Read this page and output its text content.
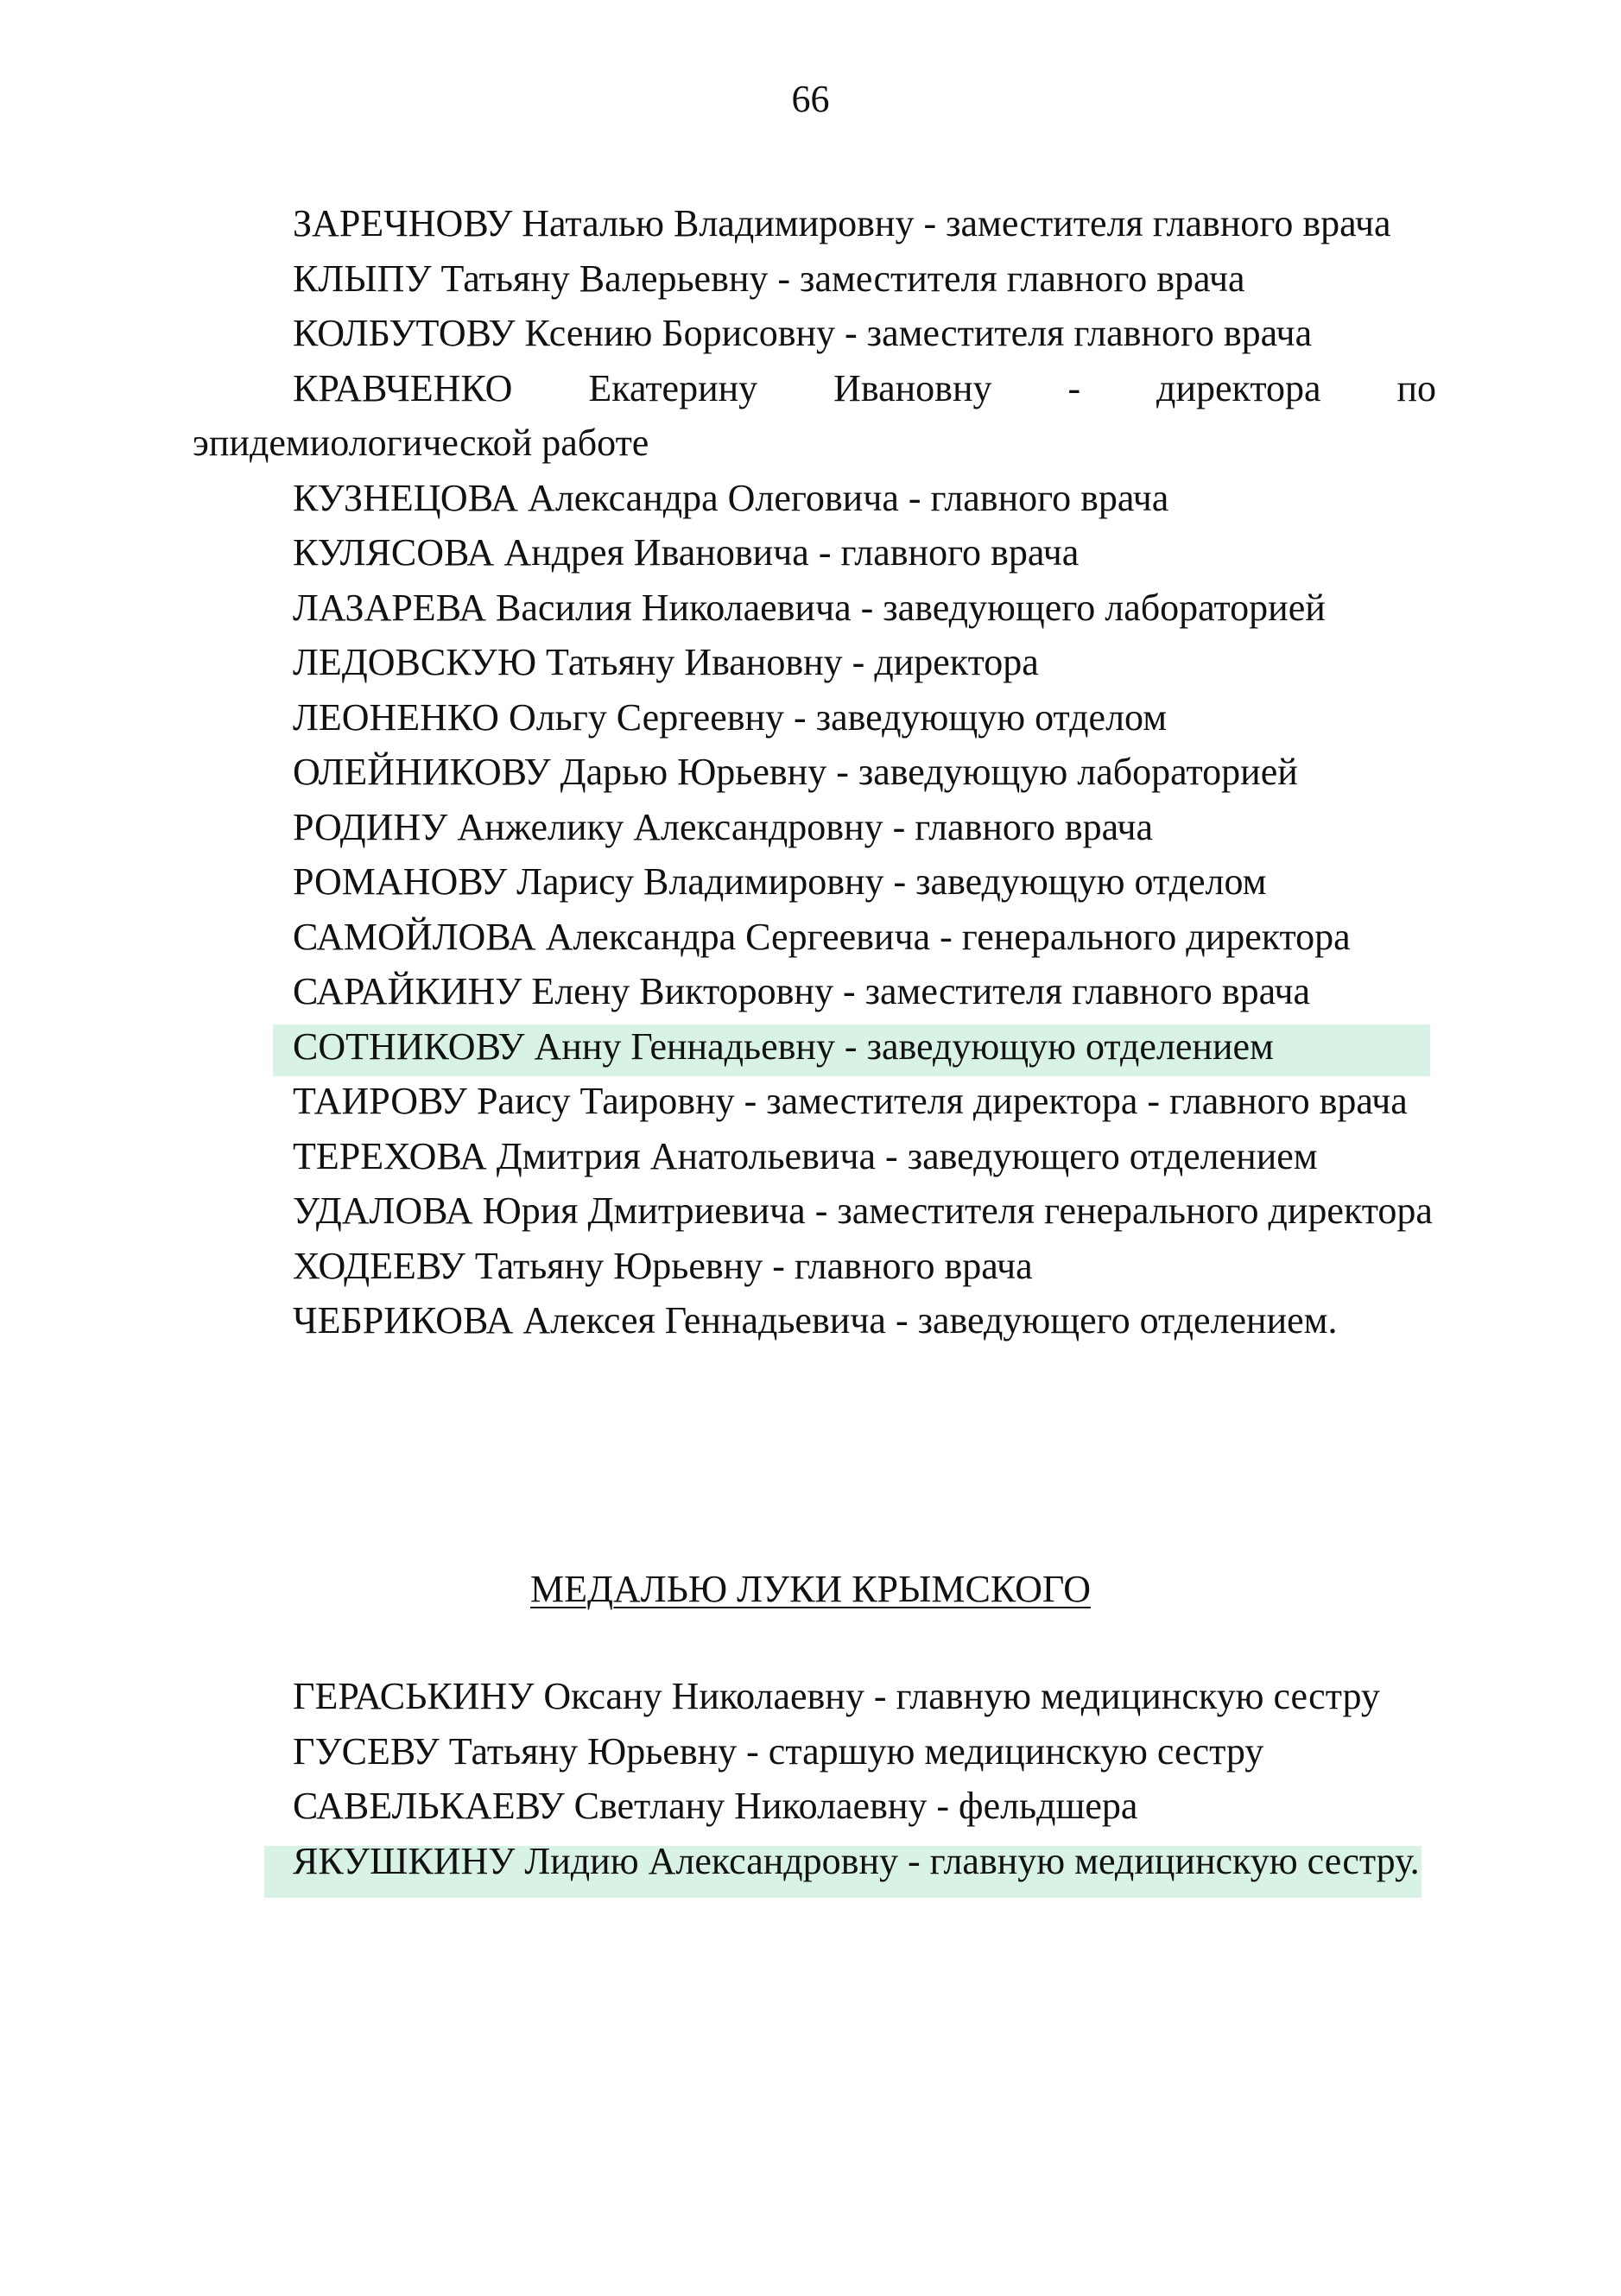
66

ЗАРЕЧНОВУ Наталью Владимировну - заместителя главного врача

КЛЫПУ Татьяну Валерьевну - заместителя главного врача

КОЛБУТОВУ Ксению Борисовну - заместителя главного врача

КРАВЧЕНКО Екатерину Ивановну - директора по эпидемиологической работе

КУЗНЕЦОВА Александра Олеговича - главного врача

КУЛЯСОВА Андрея Ивановича - главного врача

ЛАЗАРЕВА Василия Николаевича - заведующего лабораторией

ЛЕДОВСКУЮ Татьяну Ивановну - директора

ЛЕОНЕНКО Ольгу Сергеевну - заведующую отделом

ОЛЕЙНИКОВУ Дарью Юрьевну - заведующую лабораторией

РОДИНУ Анжелику Александровну - главного врача

РОМАНОВУ Ларису Владимировну - заведующую отделом

САМОЙЛОВА Александра Сергеевича - генерального директора

САРАЙКИНУ Елену Викторовну - заместителя главного врача

СОТНИКОВУ Анну Геннадьевну - заведующую отделением

ТАИРОВУ Раису Таировну - заместителя директора - главного врача

ТЕРЕХОВА Дмитрия Анатольевича - заведующего отделением

УДАЛОВА Юрия Дмитриевича - заместителя генерального директора

ХОДЕЕВУ Татьяну Юрьевну - главного врача

ЧЕБРИКОВА Алексея Геннадьевича - заведующего отделением.

МЕДАЛЬЮ ЛУКИ КРЫМСКОГО

ГЕРАСЬКИНУ Оксану Николаевну - главную медицинскую сестру

ГУСЕВУ Татьяну Юрьевну - старшую медицинскую сестру

САВЕЛЬКАЕВУ Светлану Николаевну - фельдшера

ЯКУШКИНУ Лидию Александровну - главную медицинскую сестру.
